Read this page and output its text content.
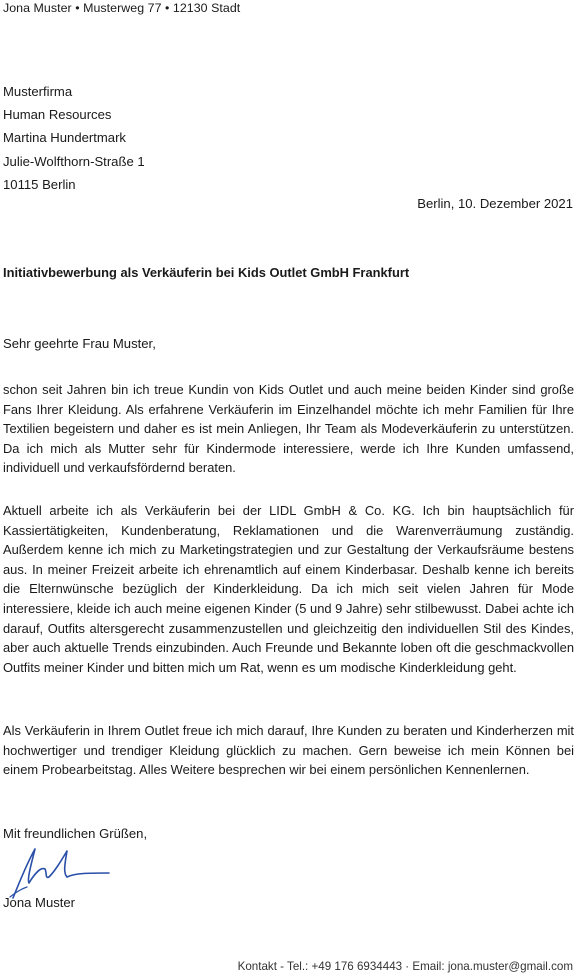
Jona Muster • Musterweg 77 • 12130 Stadt
Musterfirma
Human Resources
Martina Hundertmark
Julie-Wolfthorn-Straße 1
10115 Berlin
Berlin, 10. Dezember 2021
Initiativbewerbung als Verkäuferin bei Kids Outlet GmbH Frankfurt
Sehr geehrte Frau Muster,
schon seit Jahren bin ich treue Kundin von Kids Outlet und auch meine beiden Kinder sind große Fans Ihrer Kleidung. Als erfahrene Verkäuferin im Einzelhandel möchte ich mehr Familien für Ihre Textilien begeistern und daher es ist mein Anliegen, Ihr Team als Modeverkäuferin zu unterstützen. Da ich mich als Mutter sehr für Kindermode interessiere, werde ich Ihre Kunden umfassend, individuell und verkaufsfördernd beraten.
Aktuell arbeite ich als Verkäuferin bei der LIDL GmbH & Co. KG. Ich bin hauptsächlich für Kassiertätigkeiten, Kundenberatung, Reklamationen und die Warenverräumung zuständig. Außerdem kenne ich mich zu Marketingstrategien und zur Gestaltung der Verkaufsräume bestens aus. In meiner Freizeit arbeite ich ehrenamtlich auf einem Kinderbasar. Deshalb kenne ich bereits die Elternwünsche bezüglich der Kinderkleidung. Da ich mich seit vielen Jahren für Mode interessiere, kleide ich auch meine eigenen Kinder (5 und 9 Jahre) sehr stilbewusst. Dabei achte ich darauf, Outfits altersgerecht zusammenzustellen und gleichzeitig den individuellen Stil des Kindes, aber auch aktuelle Trends einzubinden. Auch Freunde und Bekannte loben oft die geschmackvollen Outfits meiner Kinder und bitten mich um Rat, wenn es um modische Kinderkleidung geht.
Als Verkäuferin in Ihrem Outlet freue ich mich darauf, Ihre Kunden zu beraten und Kinderherzen mit hochwertiger und trendiger Kleidung glücklich zu machen. Gern beweise ich mein Können bei einem Probearbeitstag. Alles Weitere besprechen wir bei einem persönlichen Kennenlernen.
Mit freundlichen Grüßen,
Jona Muster
Kontakt - Tel.: +49 176 6934443 · Email: jona.muster@gmail.com
